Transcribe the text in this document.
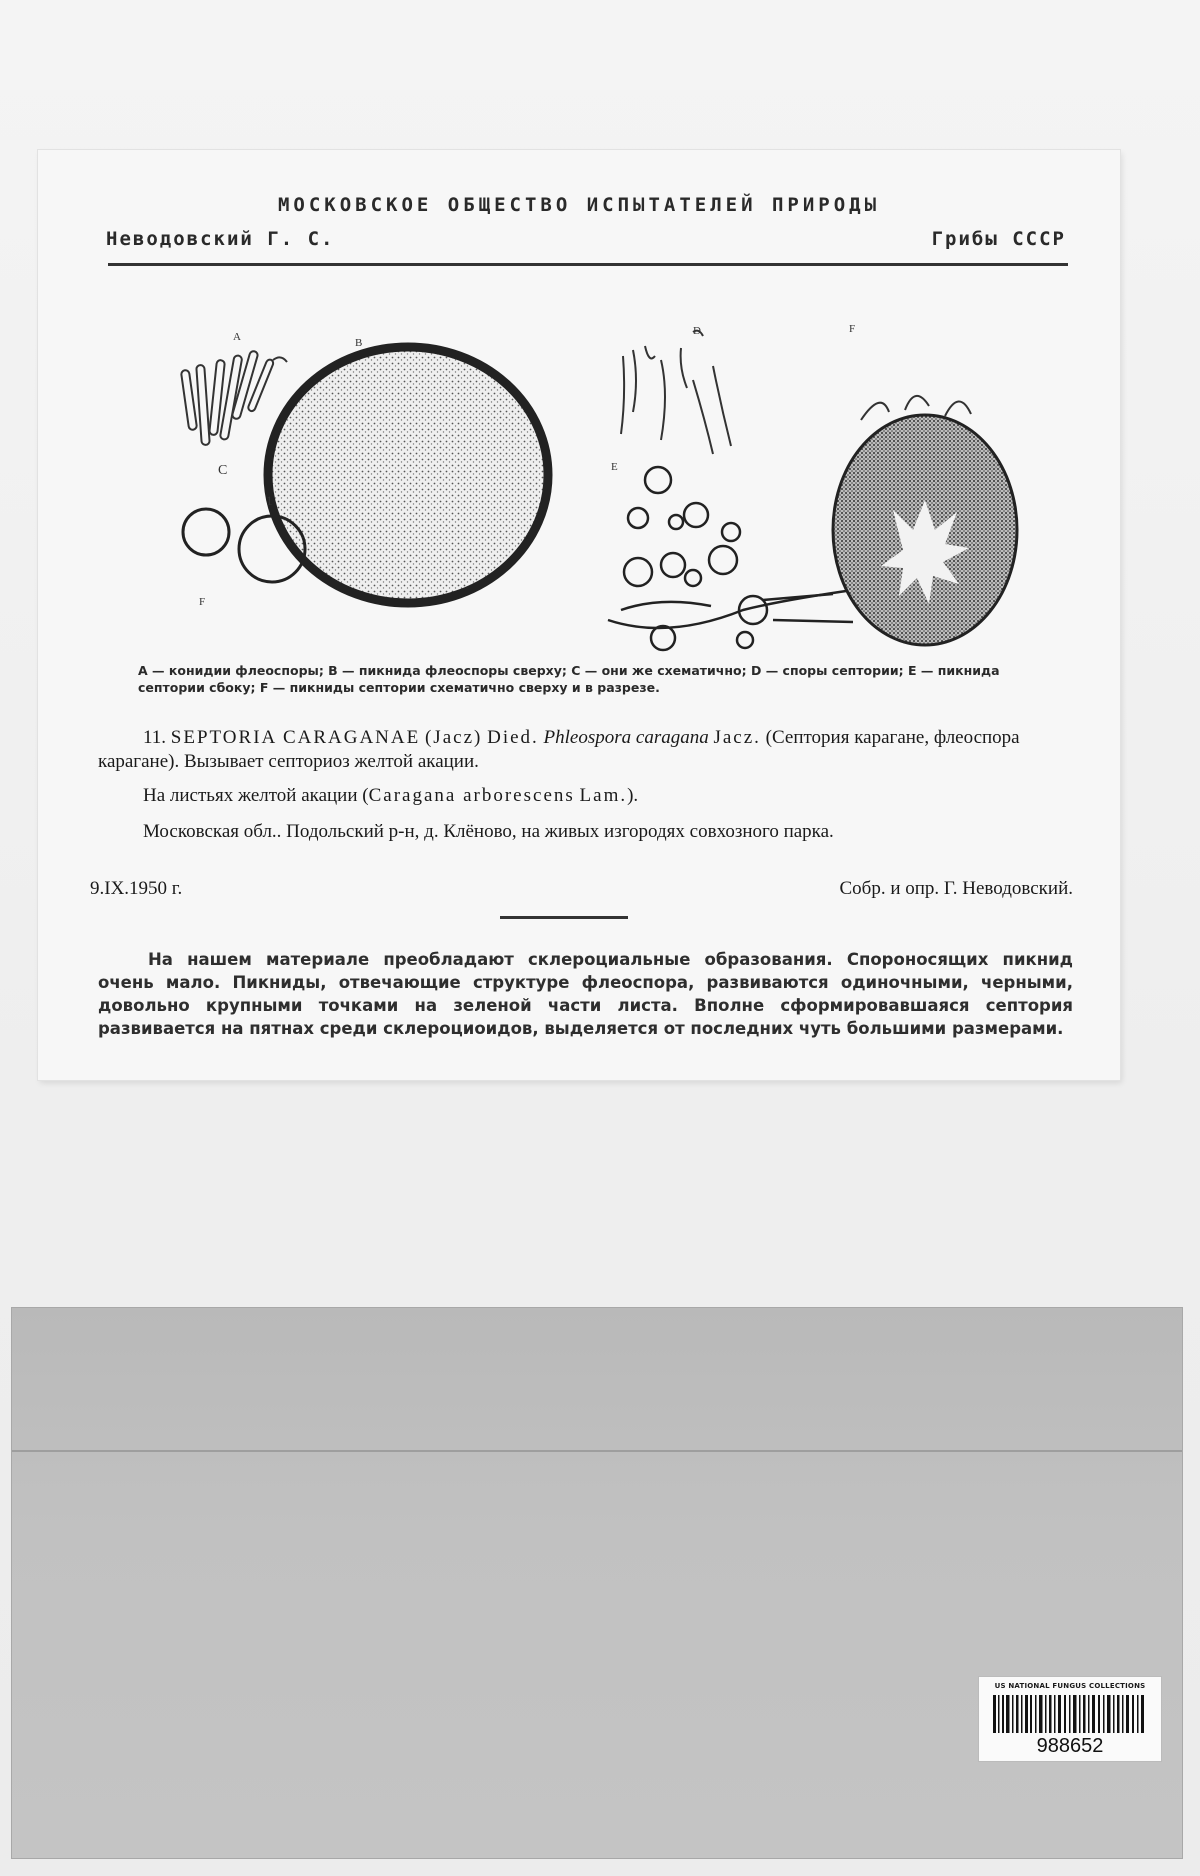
МОСКОВСКОЕ ОБЩЕСТВО ИСПЫТАТЕЛЕЙ ПРИРОДЫ
Неводовский Г. С.	Грибы СССР
A	B
C
1
F
D
E
F
A — конидии флеоспоры; B — пикнида флеоспоры сверху; C — они же схематично; D — споры септории; E — пикнида септории сбоку; F — пикниды септории схематично сверху и в разрезе.
11. SEPTORIA CARAGANAE (Jacz) Died. Phleospora caragana Jacz. (Септория карагане, флеоспора карагане). Вызывает септориоз желтой акации.
На листьях желтой акации (Caragana arborescens Lam.).
Московская обл.. Подольский р-н, д. Клёново, на живых изгородях совхозного парка.
9.IX.1950 г.	Собр. и опр. Г. Неводовский.
На нашем материале преобладают склероциальные образования. Спороносящих пикнид очень мало. Пикниды, отвечающие структуре флеоспора, развиваются одиночными, черными, довольно крупными точками на зеленой части листа. Вполне сформировавшаяся септория развивается на пятнах среди склероциоидов, выделяется от последних чуть большими размерами.
US NATIONAL FUNGUS COLLECTIONS
988652
